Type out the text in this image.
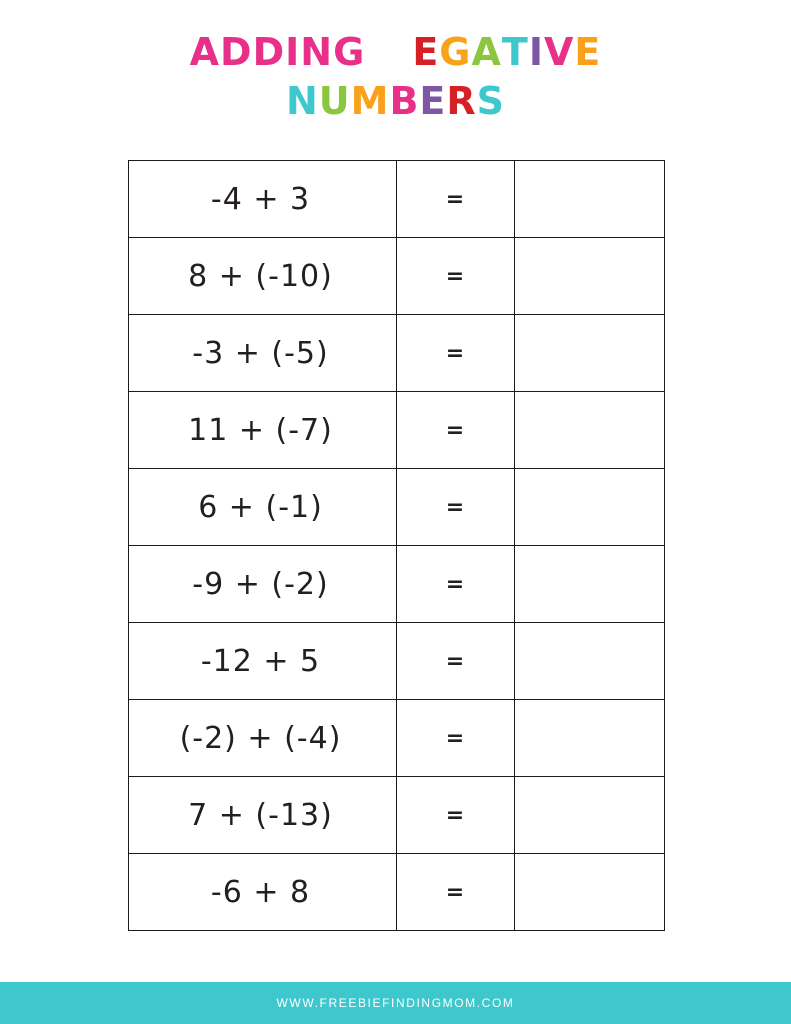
ADDING NEGATIVE
NUMBERS
-4 + 3	=	
8 + (-10)	=	
-3 + (-5)	=	
11 + (-7)	=	
6 + (-1)	=	
-9 + (-2)	=	
-12 + 5	=	
(-2) + (-4)	=	
7 + (-13)	=	
-6 + 8	=	
WWW.FREEBIEFINDINGMOM.COM
